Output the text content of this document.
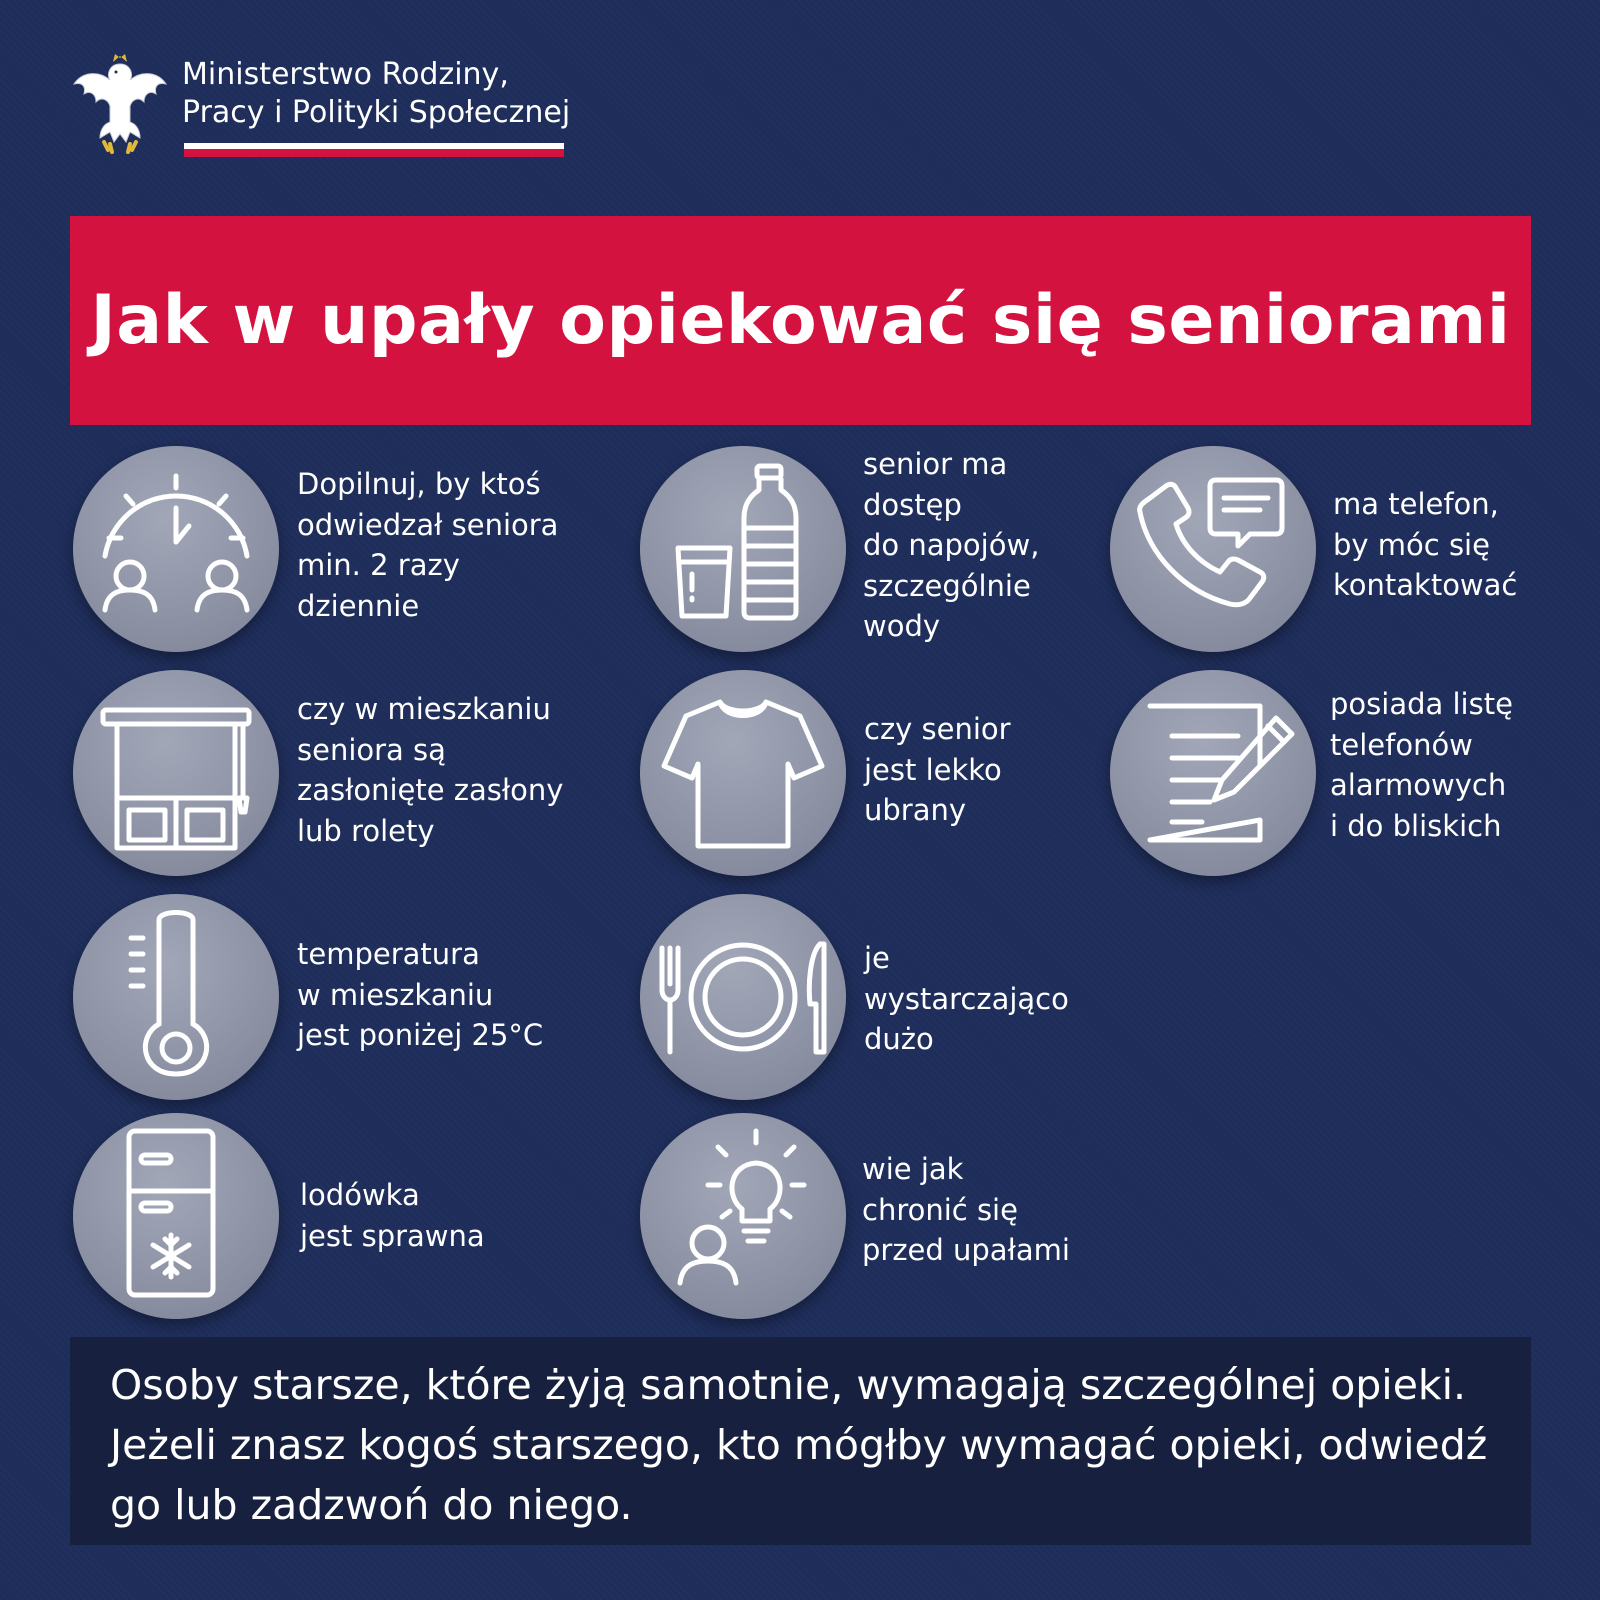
Ministerstwo Rodziny,
Pracy i Polityki Społecznej
Jak w upały opiekować się seniorami
Dopilnuj, by ktoś
odwiedzał seniora
min. 2 razy
dziennie
senior ma
dostęp
do napojów,
szczególnie
wody
ma telefon,
by móc się
kontaktować
czy w mieszkaniu
seniora są
zasłonięte zasłony
lub rolety
czy senior
jest lekko
ubrany
posiada listę
telefonów
alarmowych
i do bliskich
temperatura
w mieszkaniu
jest poniżej 25°C
je
wystarczająco
dużo
lodówka
jest sprawna
wie jak
chronić się
przed upałami

Osoby starsze, które żyją samotnie, wymagają szczególnej opieki. Jeżeli znasz kogoś starszego, kto mógłby wymagać opieki, odwiedź go lub zadzwoń do niego.
